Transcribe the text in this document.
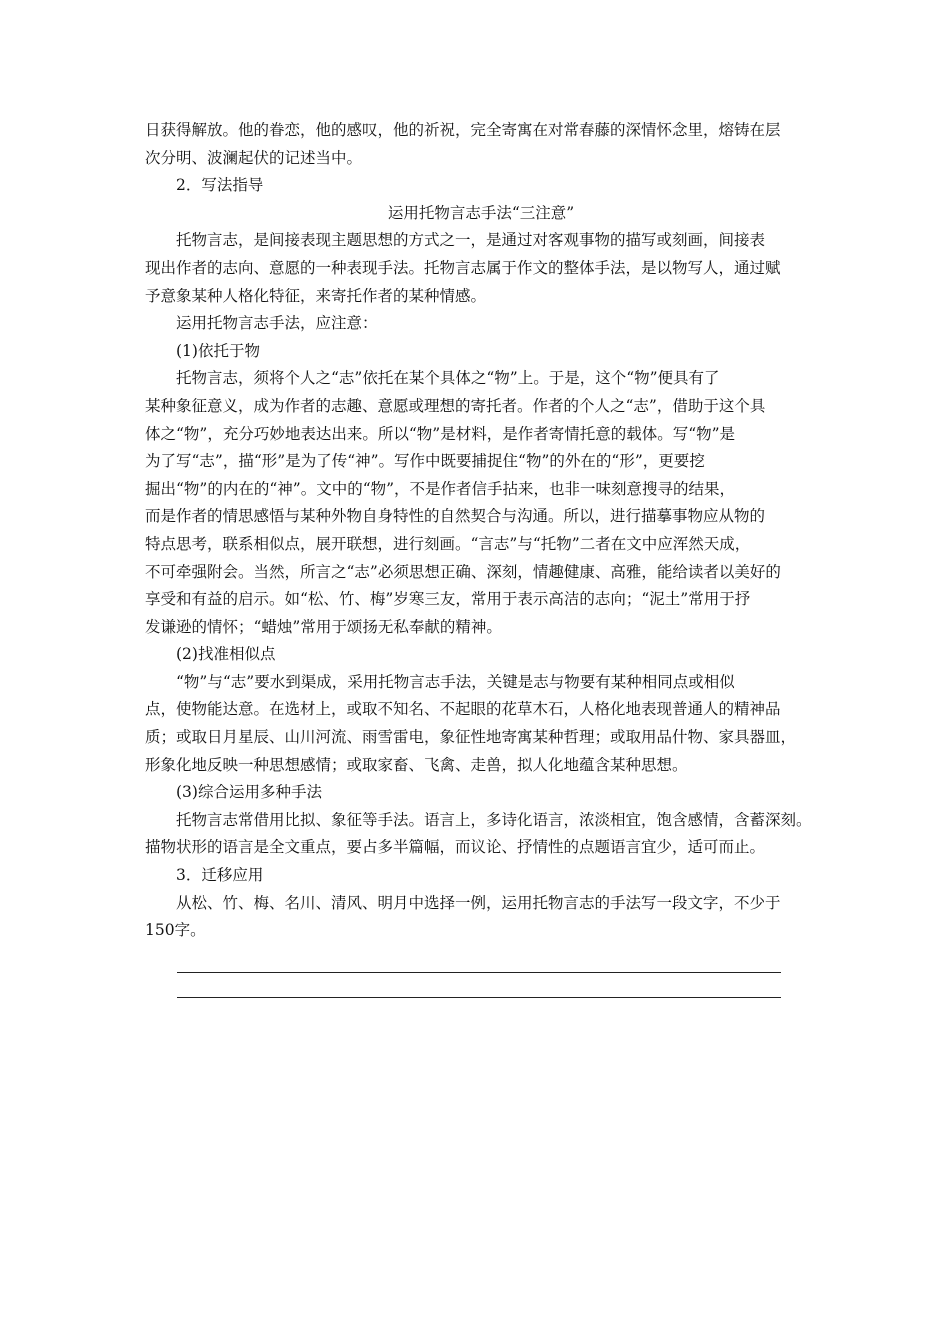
日获得解放。他的眷恋，他的感叹，他的祈祝，完全寄寓在对常春藤的深情怀念里，熔铸在层

次分明、波澜起伏的记述当中。

2．写法指导

运用托物言志手法“三注意”

托物言志，是间接表现主题思想的方式之一，是通过对客观事物的描写或刻画，间接表

现出作者的志向、意愿的一种表现手法。托物言志属于作文的整体手法，是以物写人，通过赋

予意象某种人格化特征，来寄托作者的某种情感。

运用托物言志手法，应注意：

(1)依托于物

托物言志，须将个人之“志”依托在某个具体之“物”上。于是，这个“物”便具有了

某种象征意义，成为作者的志趣、意愿或理想的寄托者。作者的个人之“志”，借助于这个具

体之“物”，充分巧妙地表达出来。所以“物”是材料，是作者寄情托意的载体。写“物”是

为了写“志”，描“形”是为了传“神”。写作中既要捕捉住“物”的外在的“形”，更要挖

掘出“物”的内在的“神”。文中的“物”，不是作者信手拈来，也非一味刻意搜寻的结果，

而是作者的情思感悟与某种外物自身特性的自然契合与沟通。所以，进行描摹事物应从物的

特点思考，联系相似点，展开联想，进行刻画。“言志”与“托物”二者在文中应浑然天成，

不可牵强附会。当然，所言之“志”必须思想正确、深刻，情趣健康、高雅，能给读者以美好的

享受和有益的启示。如“松、竹、梅”岁寒三友，常用于表示高洁的志向；“泥土”常用于抒

发谦逊的情怀；“蜡烛”常用于颂扬无私奉献的精神。

(2)找准相似点

“物”与“志”要水到渠成，采用托物言志手法，关键是志与物要有某种相同点或相似

点，使物能达意。在选材上，或取不知名、不起眼的花草木石，人格化地表现普通人的精神品

质；或取日月星辰、山川河流、雨雪雷电，象征性地寄寓某种哲理；或取用品什物、家具器皿，

形象化地反映一种思想感情；或取家畜、飞禽、走兽，拟人化地蕴含某种思想。

(3)综合运用多种手法

托物言志常借用比拟、象征等手法。语言上，多诗化语言，浓淡相宜，饱含感情，含蓄深刻。

描物状形的语言是全文重点，要占多半篇幅，而议论、抒情性的点题语言宜少，适可而止。

3．迁移应用

从松、竹、梅、名川、清风、明月中选择一例，运用托物言志的手法写一段文字，不少于

150字。
